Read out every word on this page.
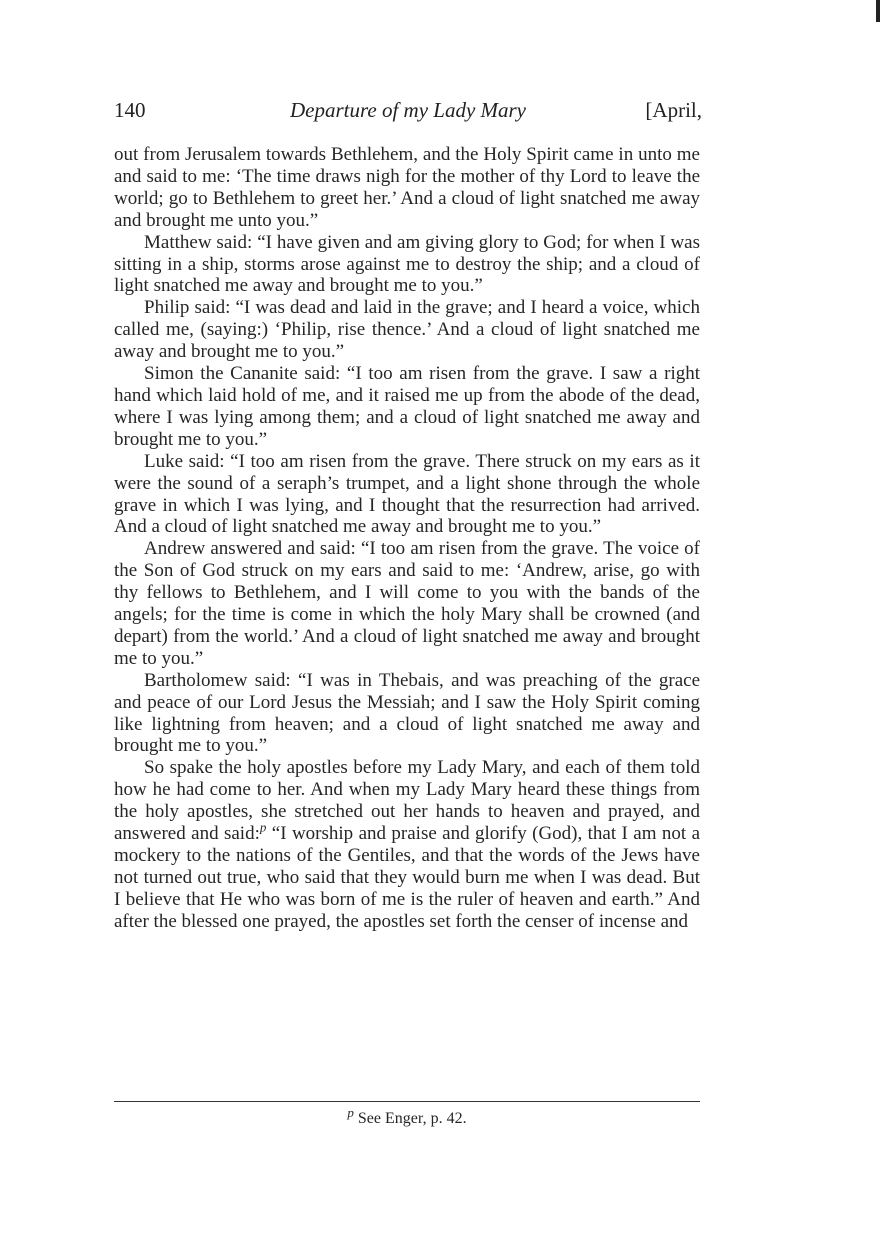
140	Departure of my Lady Mary	[April,

out from Jerusalem towards Bethlehem, and the Holy Spirit came in unto me and said to me: ‘The time draws nigh for the mother of thy Lord to leave the world; go to Bethlehem to greet her.’ And a cloud of light snatched me away and brought me unto you.”

Matthew said: “I have given and am giving glory to God; for when I was sitting in a ship, storms arose against me to destroy the ship; and a cloud of light snatched me away and brought me to you.”

Philip said: “I was dead and laid in the grave; and I heard a voice, which called me, (saying:) ‘Philip, rise thence.’ And a cloud of light snatched me away and brought me to you.”

Simon the Cananite said: “I too am risen from the grave. I saw a right hand which laid hold of me, and it raised me up from the abode of the dead, where I was lying among them; and a cloud of light snatched me away and brought me to you.”

Luke said: “I too am risen from the grave. There struck on my ears as it were the sound of a seraph’s trumpet, and a light shone through the whole grave in which I was lying, and I thought that the resurrection had arrived. And a cloud of light snatched me away and brought me to you.”

Andrew answered and said: “I too am risen from the grave. The voice of the Son of God struck on my ears and said to me: ‘Andrew, arise, go with thy fellows to Bethlehem, and I will come to you with the bands of the angels; for the time is come in which the holy Mary shall be crowned (and depart) from the world.’ And a cloud of light snatched me away and brought me to you.”

Bartholomew said: “I was in Thebais, and was preaching of the grace and peace of our Lord Jesus the Messiah; and I saw the Holy Spirit coming like lightning from heaven; and a cloud of light snatched me away and brought me to you.”

So spake the holy apostles before my Lady Mary, and each of them told how he had come to her. And when my Lady Mary heard these things from the holy apostles, she stretched out her hands to heaven and prayed, and answered and said:$^p$ “I worship and praise and glorify (God), that I am not a mockery to the nations of the Gentiles, and that the words of the Jews have not turned out true, who said that they would burn me when I was dead. But I believe that He who was born of me is the ruler of heaven and earth.” And after the blessed one prayed, the apostles set forth the censer of incense and

$^p$ See Enger, p. 42.
